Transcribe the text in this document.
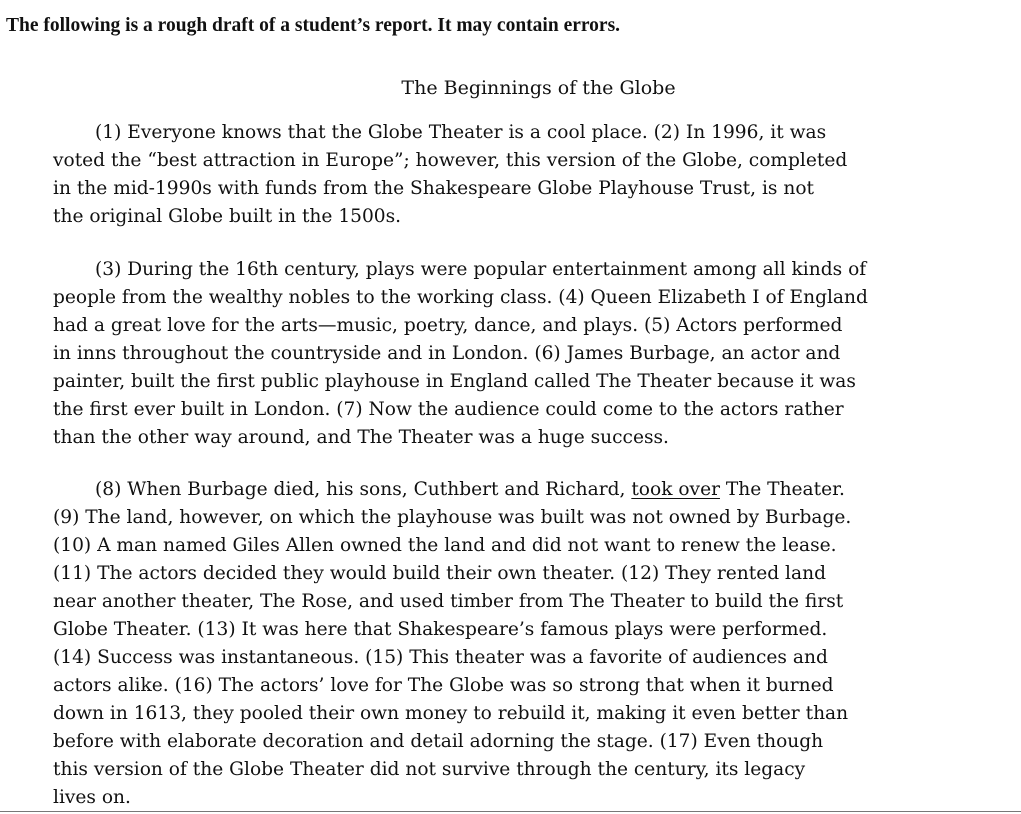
The following is a rough draft of a student’s report. It may contain errors.

The Beginnings of the Globe
(1) Everyone knows that the Globe Theater is a cool place. (2) In 1996, it was
voted the “best attraction in Europe”; however, this version of the Globe, completed
in the mid-1990s with funds from the Shakespeare Globe Playhouse Trust, is not
the original Globe built in the 1500s.
(3) During the 16th century, plays were popular entertainment among all kinds of
people from the wealthy nobles to the working class. (4) Queen Elizabeth I of England
had a great love for the arts—music, poetry, dance, and plays. (5) Actors performed
in inns throughout the countryside and in London. (6) James Burbage, an actor and
painter, built the first public playhouse in England called The Theater because it was
the first ever built in London. (7) Now the audience could come to the actors rather
than the other way around, and The Theater was a huge success.
(8) When Burbage died, his sons, Cuthbert and Richard, took over The Theater.
(9) The land, however, on which the playhouse was built was not owned by Burbage.
(10) A man named Giles Allen owned the land and did not want to renew the lease.
(11) The actors decided they would build their own theater. (12) They rented land
near another theater, The Rose, and used timber from The Theater to build the first
Globe Theater. (13) It was here that Shakespeare’s famous plays were performed.
(14) Success was instantaneous. (15) This theater was a favorite of audiences and
actors alike. (16) The actors’ love for The Globe was so strong that when it burned
down in 1613, they pooled their own money to rebuild it, making it even better than
before with elaborate decoration and detail adorning the stage. (17) Even though
this version of the Globe Theater did not survive through the century, its legacy
lives on.
